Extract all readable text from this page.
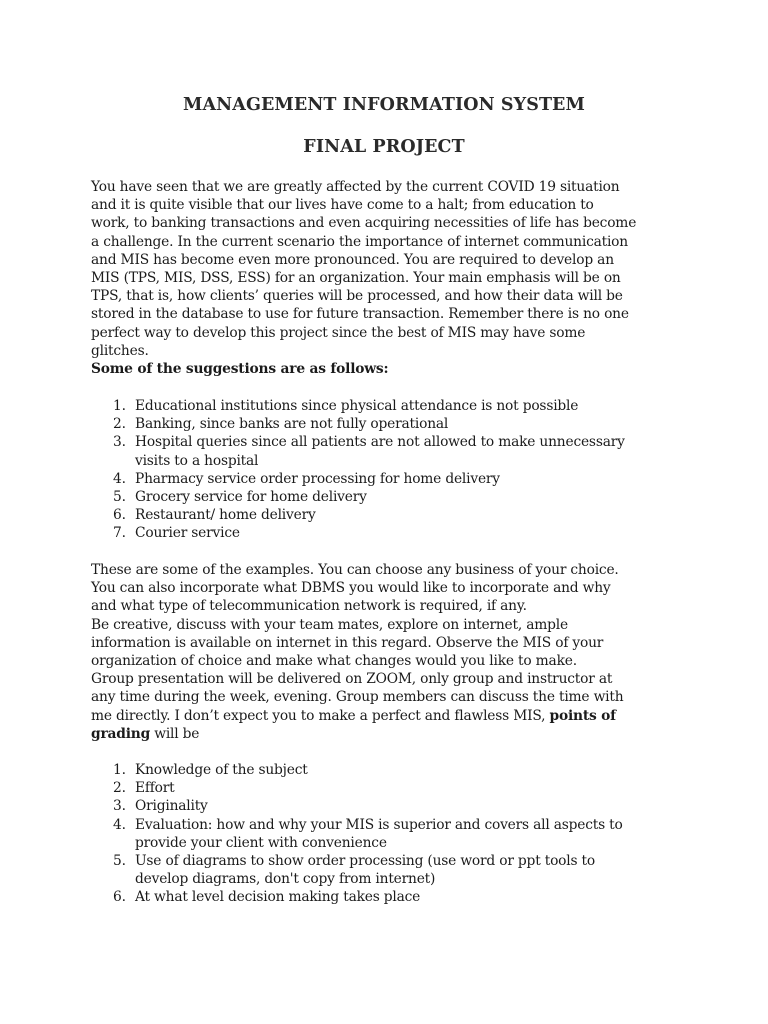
MANAGEMENT INFORMATION SYSTEM
FINAL PROJECT
You have seen that we are greatly affected by the current COVID 19 situation
and it is quite visible that our lives have come to a halt; from education to
work, to banking transactions and even acquiring necessities of life has become
a challenge. In the current scenario the importance of internet communication
and MIS has become even more pronounced. You are required to develop an
MIS (TPS, MIS, DSS, ESS) for an organization. Your main emphasis will be on
TPS, that is, how clients’ queries will be processed, and how their data will be
stored in the database to use for future transaction. Remember there is no one
perfect way to develop this project since the best of MIS may have some
glitches.
Some of the suggestions are as follows:
1. Educational institutions since physical attendance is not possible
2. Banking, since banks are not fully operational
3. Hospital queries since all patients are not allowed to make unnecessary
visits to a hospital
4. Pharmacy service order processing for home delivery
5. Grocery service for home delivery
6. Restaurant/ home delivery
7. Courier service
These are some of the examples. You can choose any business of your choice.
You can also incorporate what DBMS you would like to incorporate and why
and what type of telecommunication network is required, if any.
Be creative, discuss with your team mates, explore on internet, ample
information is available on internet in this regard. Observe the MIS of your
organization of choice and make what changes would you like to make.
Group presentation will be delivered on ZOOM, only group and instructor at
any time during the week, evening. Group members can discuss the time with
me directly. I don’t expect you to make a perfect and flawless MIS, points of
grading will be
1. Knowledge of the subject
2. Effort
3. Originality
4. Evaluation: how and why your MIS is superior and covers all aspects to
provide your client with convenience
5. Use of diagrams to show order processing (use word or ppt tools to
develop diagrams, don't copy from internet)
6. At what level decision making takes place
